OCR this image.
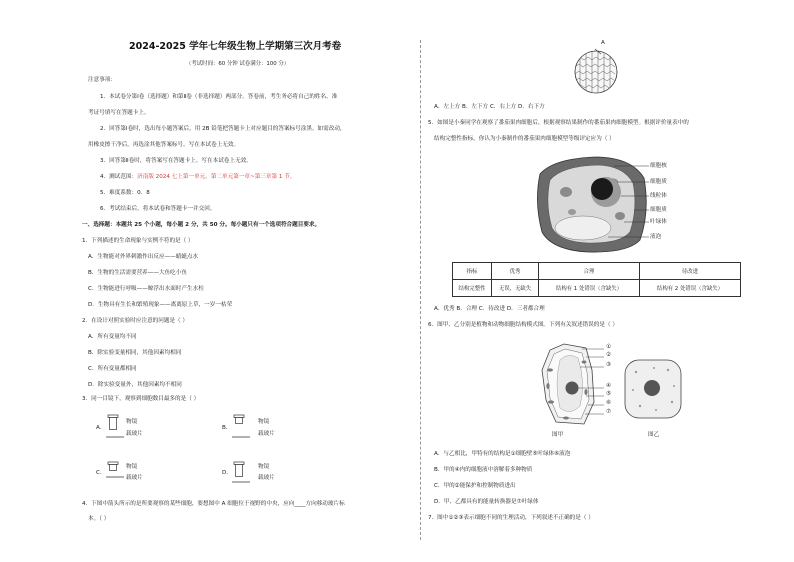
2024-2025 学年七年级生物上学期第三次月考卷
（考试时间：60 分钟 试卷满分：100 分）
注意事项：
1．本试卷分第Ⅰ卷（选择题）和第Ⅱ卷（非选择题）两部分。答卷前，考生务必将自己的姓名、准
考证号填写在答题卡上。
2．回答第Ⅰ卷时，选出每小题答案后，用 2B 铅笔把答题卡上对应题目的答案标号涂黑。如需改动，
用橡皮擦干净后，再选涂其他答案标号。写在本试卷上无效。
3．回答第Ⅱ卷时，将答案写在答题卡上。写在本试卷上无效。
4．测试范围：济南版 2024 七上第一单元、第二单元第一章~第三章第 1 节。
5．难度系数：0．8
6．考试结束后，将本试卷和答题卡一并交回。
一、选择题：本题共 25 个小题，每小题 2 分，共 50 分。每小题只有一个选项符合题目要求。
1．下列描述的生命现象与实例不符的是（ ）
A．生物能对外界刺激作出反应——蜻蜓点水
B．生物的生活需要营养——大鱼吃小鱼
C．生物能进行呼吸——鲸浮出水面时产生水柱
D．生物具有生长和繁殖现象——离离原上草，一岁一枯荣
2．在设计对照实验时应注意的问题是（ ）
A．所有变量均不同
B．除实验变量相同，其他因素均相同
C．所有变量都相同
D．除实验变量外，其他因素均不相同
3．同一目镜下，观察到细胞数目最多的是（ ）
A．
物镜
载玻片
B．
物镜
载玻片
C．
物镜
载玻片
D．
物镜
载玻片
4．下图中箭头所示的是所要观察的某些细胞，要想图中 A 细胞位于视野的中央，应向____方向移动玻片标
本。（ ）
A
A．左上方 B．左下方 C．右上方 D．右下方
5．如图是小秦同学在观察了番茄果肉细胞后，根据观察结果制作的番茄果肉细胞模型。根据评价量表中的
结构完整性指标，你认为小秦制作的番茄果肉细胞模型等级评定应为（ ）
细胞核
细胞质
线粒体
细胞质
叶绿体
液泡
指标	优秀	合理	待改进
结构完整性	无误，无缺失	结构有 1 处错误（含缺失）	结构有 2 处错误（含缺失）
A．优秀 B．合理 C．待改进 D．三者都合理
6．图甲、乙分别是植物和动物细胞结构模式图。下列有关叙述错误的是（ ）
①
②
③
④
⑤
⑥
⑦
图甲	图乙
A．与乙相比，甲特有的结构是①细胞壁⑤叶绿体⑥液泡
B．甲的④内的细胞液中溶解着多种物质
C．甲的②能保护和控制物质进出
D．甲、乙都具有的能量转换器是⑦叶绿体
7．图中①②③表示细胞不同的生理活动，下列叙述不正确的是（ ）
